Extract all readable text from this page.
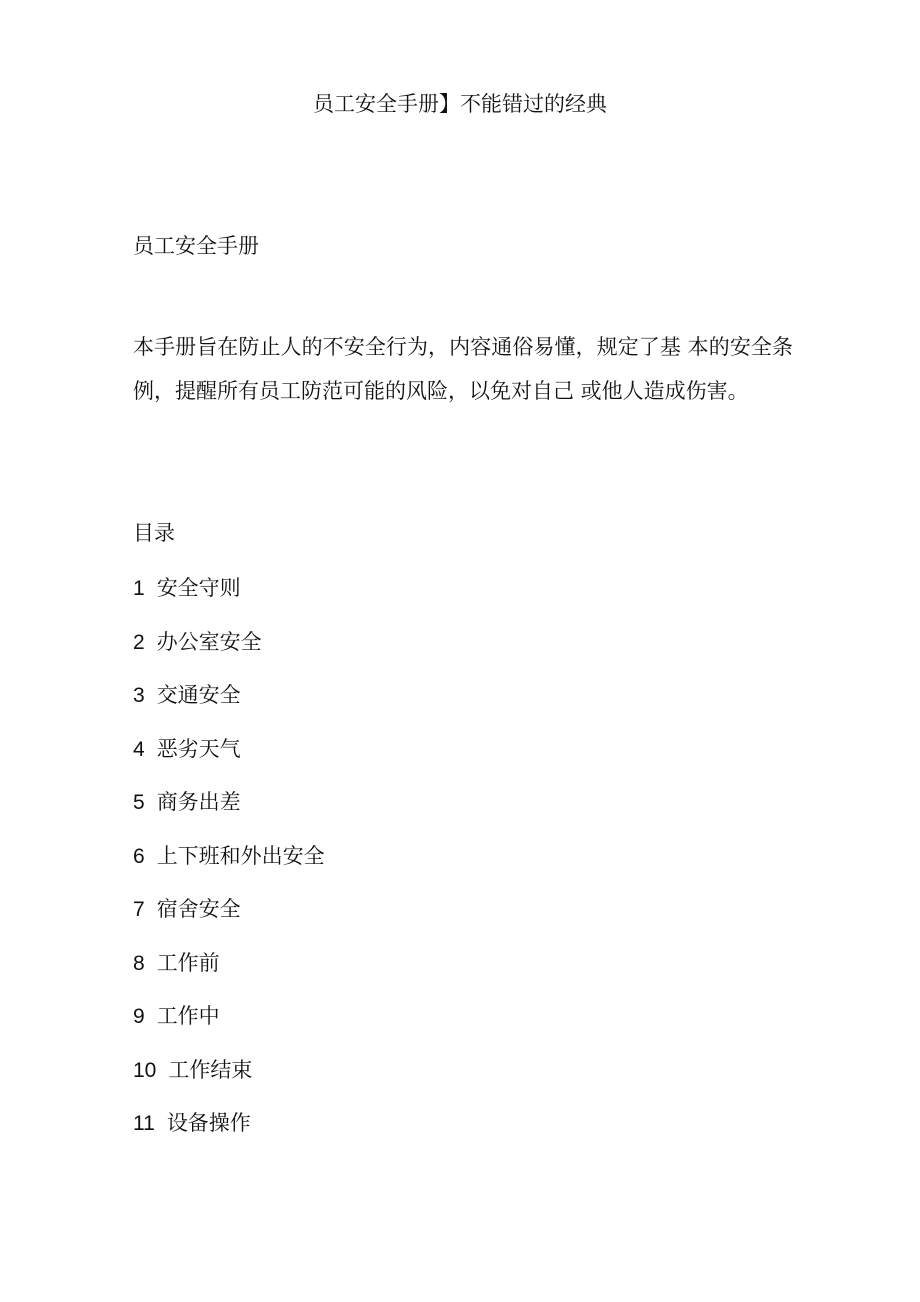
员工安全手册】不能错过的经典
员工安全手册

本手册旨在防止人的不安全行为，内容通俗易懂，规定了基 本的安全条例，提醒所有员工防范可能的风险，以免对自己 或他人造成伤害。

目录
1 安全守则
2 办公室安全
3 交通安全
4 恶劣天气
5 商务出差
6 上下班和外出安全
7 宿舍安全
8 工作前
9 工作中
10 工作结束
11 设备操作
